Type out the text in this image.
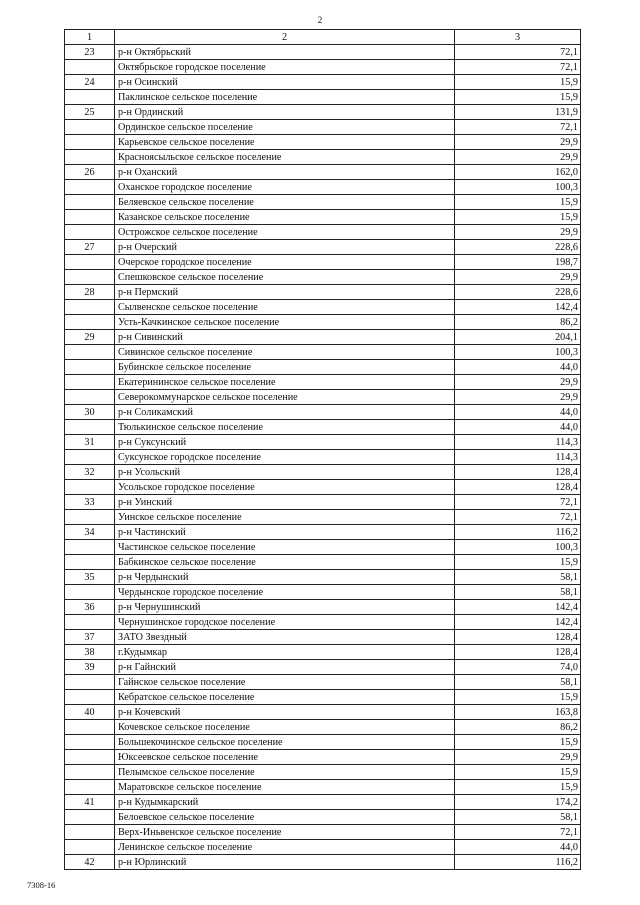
2
1	2	3
23	р-н Октябрьский	72,1
	Октябрьское городское поселение	72,1
24	р-н Осинский	15,9
	Паклинское сельское поселение	15,9
25	р-н Ординский	131,9
	Ординское сельское поселение	72,1
	Карьевское сельское поселение	29,9
	Красноясыльское сельское поселение	29,9
26	р-н Оханский	162,0
	Оханское городское поселение	100,3
	Беляевское сельское поселение	15,9
	Казанское сельское поселение	15,9
	Острожское сельское поселение	29,9
27	р-н Очерский	228,6
	Очерское городское поселение	198,7
	Спешковское сельское поселение	29,9
28	р-н Пермский	228,6
	Сылвенское сельское поселение	142,4
	Усть-Качкинское сельское поселение	86,2
29	р-н Сивинский	204,1
	Сивинское сельское поселение	100,3
	Бубинское сельское поселение	44,0
	Екатерининское сельское поселение	29,9
	Северокоммунарское сельское поселение	29,9
30	р-н Соликамский	44,0
	Тюлькинское сельское поселение	44,0
31	р-н Суксунский	114,3
	Суксунское городское поселение	114,3
32	р-н Усольский	128,4
	Усольское городское поселение	128,4
33	р-н Уинский	72,1
	Уинское сельское поселение	72,1
34	р-н Частинский	116,2
	Частинское сельское поселение	100,3
	Бабкинское сельское поселение	15,9
35	р-н Чердынский	58,1
	Чердынское городское поселение	58,1
36	р-н Чернушинский	142,4
	Чернушинское городское поселение	142,4
37	ЗАТО Звездный	128,4
38	г.Кудымкар	128,4
39	р-н Гайнский	74,0
	Гайнское сельское поселение	58,1
	Кебратское сельское поселение	15,9
40	р-н Кочевский	163,8
	Кочевское сельское поселение	86,2
	Большекочинское сельское поселение	15,9
	Юксеевское сельское поселение	29,9
	Пелымское сельское поселение	15,9
	Маратовское сельское поселение	15,9
41	р-н Кудымкарский	174,2
	Белоевское сельское поселение	58,1
	Верх-Иньвенское сельское поселение	72,1
	Ленинское сельское поселение	44,0
42	р-н Юрлинский	116,2
7308-16
